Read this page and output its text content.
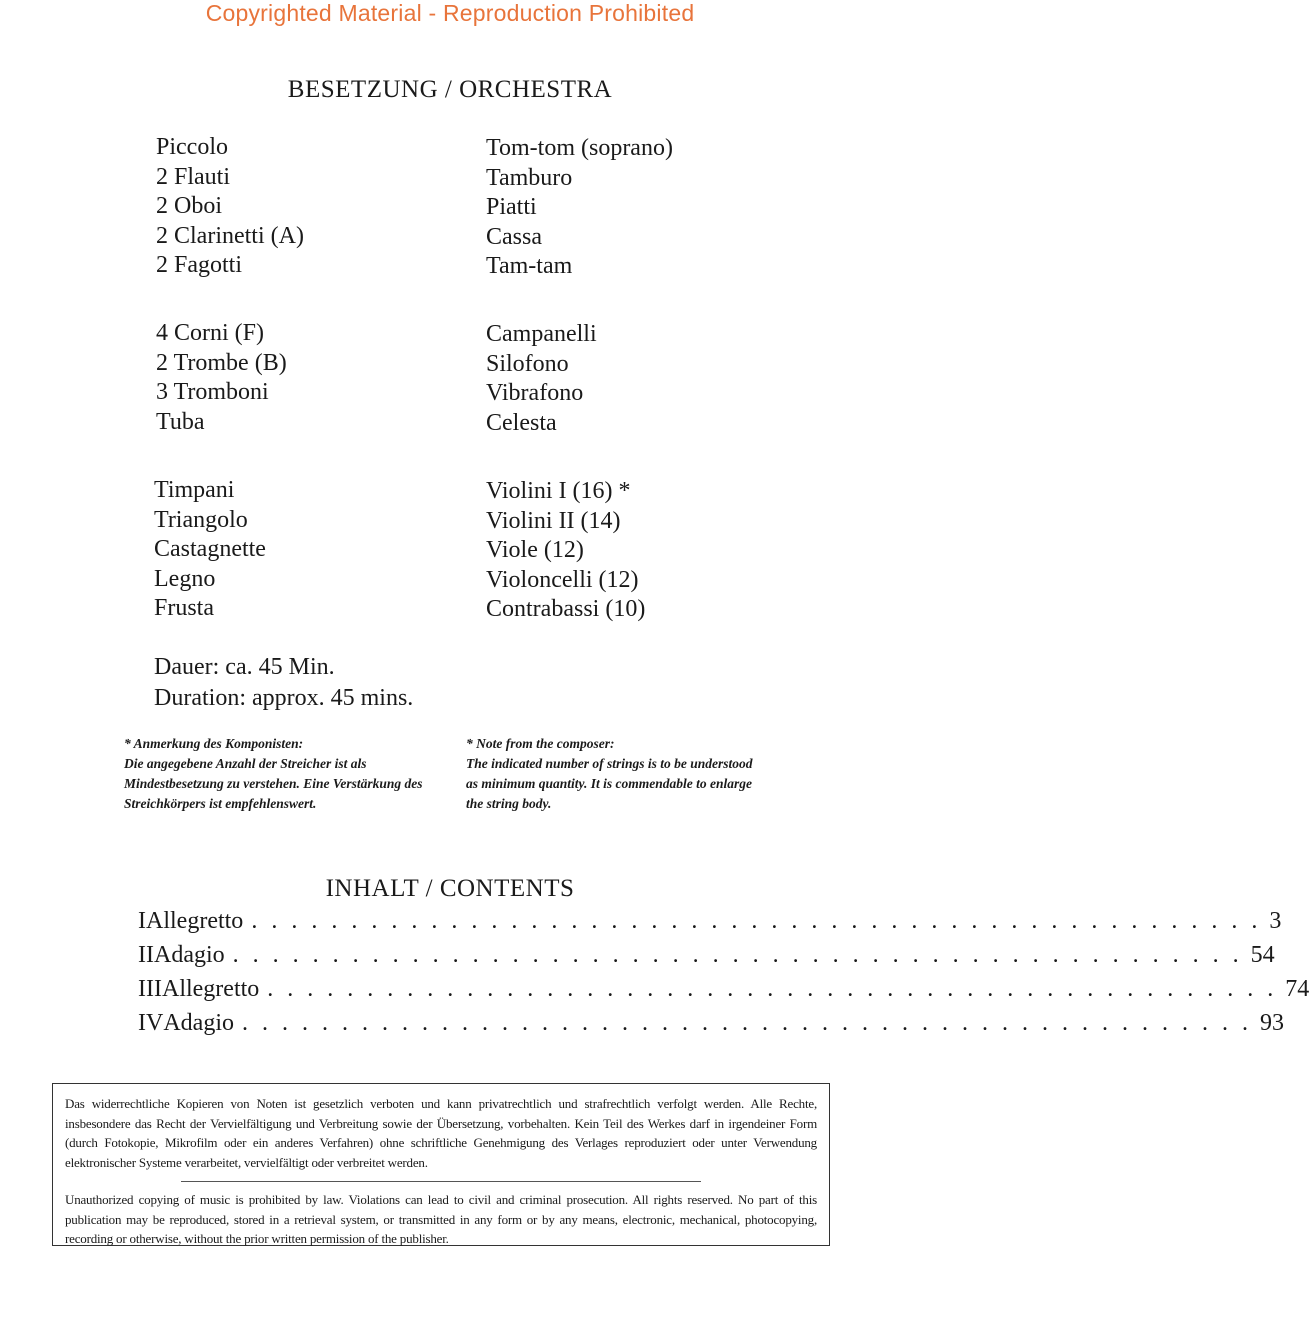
Copyrighted Material - Reproduction Prohibited
BESETZUNG / ORCHESTRA
Piccolo
2 Flauti
2 Oboi
2 Clarinetti (A)
2 Fagotti
4 Corni (F)
2 Trombe (B)
3 Tromboni
Tuba
Timpani
Triangolo
Castagnette
Legno
Frusta
Tom-tom (soprano)
Tamburo
Piatti
Cassa
Tam-tam
Campanelli
Silofono
Vibrafono
Celesta
Violini I (16) *
Violini II (14)
Viole (12)
Violoncelli (12)
Contrabassi (10)
Dauer: ca. 45 Min.
Duration: approx. 45 mins.
* Anmerkung des Komponisten:
Die angegebene Anzahl der Streicher ist als Mindestbesetzung zu verstehen. Eine Verstärkung des Streichkörpers ist empfehlenswert.
* Note from the composer:
The indicated number of strings is to be understood as minimum quantity. It is commendable to enlarge the string body.
INHALT / CONTENTS
I Allegretto . . . . . . . . . . . . . . . . . . . . . . . . . . . . . . . . . . . . . . . . . . . . . . . . . . . 3
II Adagio . . . . . . . . . . . . . . . . . . . . . . . . . . . . . . . . . . . . . . . . . . . . . . . . . . . 54
III Allegretto . . . . . . . . . . . . . . . . . . . . . . . . . . . . . . . . . . . . . . . . . . . . . . . . . . . 74
IV Adagio . . . . . . . . . . . . . . . . . . . . . . . . . . . . . . . . . . . . . . . . . . . . . . . . . . . 93

Das widerrechtliche Kopieren von Noten ist gesetzlich verboten und kann privatrechtlich und strafrechtlich verfolgt werden. Alle Rechte, insbesondere das Recht der Vervielfältigung und Verbreitung sowie der Übersetzung, vorbehalten. Kein Teil des Werkes darf in irgendeiner Form (durch Fotokopie, Mikrofilm oder ein anderes Verfahren) ohne schriftliche Genehmigung des Verlages reproduziert oder unter Verwendung elektronischer Systeme verarbeitet, vervielfältigt oder verbreitet werden.

Unauthorized copying of music is prohibited by law. Violations can lead to civil and criminal prosecution. All rights reserved. No part of this publication may be reproduced, stored in a retrieval system, or transmitted in any form or by any means, electronic, mechanical, photocopying, recording or otherwise, without the prior written permission of the publisher.
